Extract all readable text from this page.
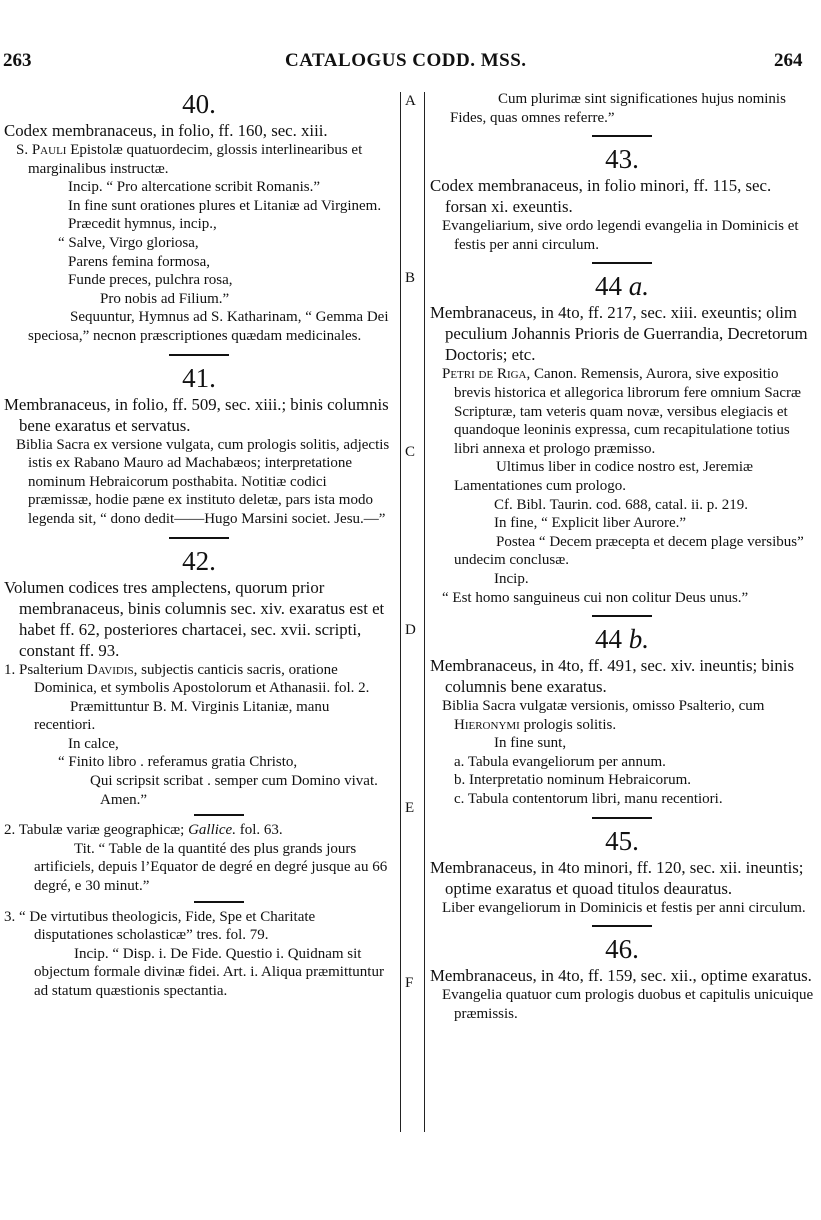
263	CATALOGUS CODD. MSS.	264
A
B
C
D
E
F

40.

Codex membranaceus, in folio, ff. 160, sec. xiii.

S. Pauli Epistolæ quatuordecim, glossis interlinearibus et marginalibus instructæ.

Incip. “ Pro altercatione scribit Romanis.”

In fine sunt orationes plures et Litaniæ ad Virginem.

Præcedit hymnus, incip.,

“ Salve, Virgo gloriosa,

Parens femina formosa,

Funde preces, pulchra rosa,

Pro nobis ad Filium.”

Sequuntur, Hymnus ad S. Katharinam, “ Gemma Dei speciosa,” necnon præscriptiones quædam medicinales.

41.

Membranaceus, in folio, ff. 509, sec. xiii.; binis columnis bene exaratus et servatus.

Biblia Sacra ex versione vulgata, cum prologis solitis, adjectis istis ex Rabano Mauro ad Machabæos; interpretatione nominum Hebraicorum posthabita. Notitiæ codici præmissæ, hodie pæne ex instituto deletæ, pars ista modo legenda sit, “ dono dedit——Hugo Marsini societ. Jesu.—”

42.

Volumen codices tres amplectens, quorum prior membranaceus, binis columnis sec. xiv. exaratus est et habet ff. 62, posteriores chartacei, sec. xvii. scripti, constant ff. 93.

1. Psalterium Davidis, subjectis canticis sacris, oratione Dominica, et symbolis Apostolorum et Athanasii. fol. 2.

Præmittuntur B. M. Virginis Litaniæ, manu recentiori.

In calce,

“ Finito libro . referamus gratia Christo,

Qui scripsit scribat . semper cum Domino vivat. Amen.”

2. Tabulæ variæ geographicæ; Gallice. fol. 63.

Tit. “ Table de la quantité des plus grands jours artificiels, depuis l’Equator de degré en degré jusque au 66 degré, e 30 minut.”

3. “ De virtutibus theologicis, Fide, Spe et Charitate disputationes scholasticæ” tres. fol. 79.

Incip. “ Disp. i. De Fide. Questio i. Quidnam sit objectum formale divinæ fidei. Art. i. Aliqua præmittuntur ad statum quæstionis spectantia.

Cum plurimæ sint significationes hujus nominis Fides, quas omnes referre.”

43.

Codex membranaceus, in folio minori, ff. 115, sec. forsan xi. exeuntis.

Evangeliarium, sive ordo legendi evangelia in Dominicis et festis per anni circulum.

44 a.

Membranaceus, in 4to, ff. 217, sec. xiii. exeuntis; olim peculium Johannis Prioris de Guerrandia, Decretorum Doctoris; etc.

Petri de Riga, Canon. Remensis, Aurora, sive expositio brevis historica et allegorica librorum fere omnium Sacræ Scripturæ, tam veteris quam novæ, versibus elegiacis et quandoque leoninis expressa, cum recapitulatione totius libri annexa et prologo præmisso.

Ultimus liber in codice nostro est, Jeremiæ Lamentationes cum prologo.

Cf. Bibl. Taurin. cod. 688, catal. ii. p. 219.

In fine, “ Explicit liber Aurore.”

Postea “ Decem præcepta et decem plage versibus” undecim conclusæ.

Incip.

“ Est homo sanguineus cui non colitur Deus unus.”

44 b.

Membranaceus, in 4to, ff. 491, sec. xiv. ineuntis; binis columnis bene exaratus.

Biblia Sacra vulgatæ versionis, omisso Psalterio, cum Hieronymi prologis solitis.

In fine sunt,

a. Tabula evangeliorum per annum.

b. Interpretatio nominum Hebraicorum.

c. Tabula contentorum libri, manu recentiori.

45.

Membranaceus, in 4to minori, ff. 120, sec. xii. ineuntis; optime exaratus et quoad titulos deauratus.

Liber evangeliorum in Dominicis et festis per anni circulum.

46.

Membranaceus, in 4to, ff. 159, sec. xii., optime exaratus.

Evangelia quatuor cum prologis duobus et capitulis unicuique præmissis.
